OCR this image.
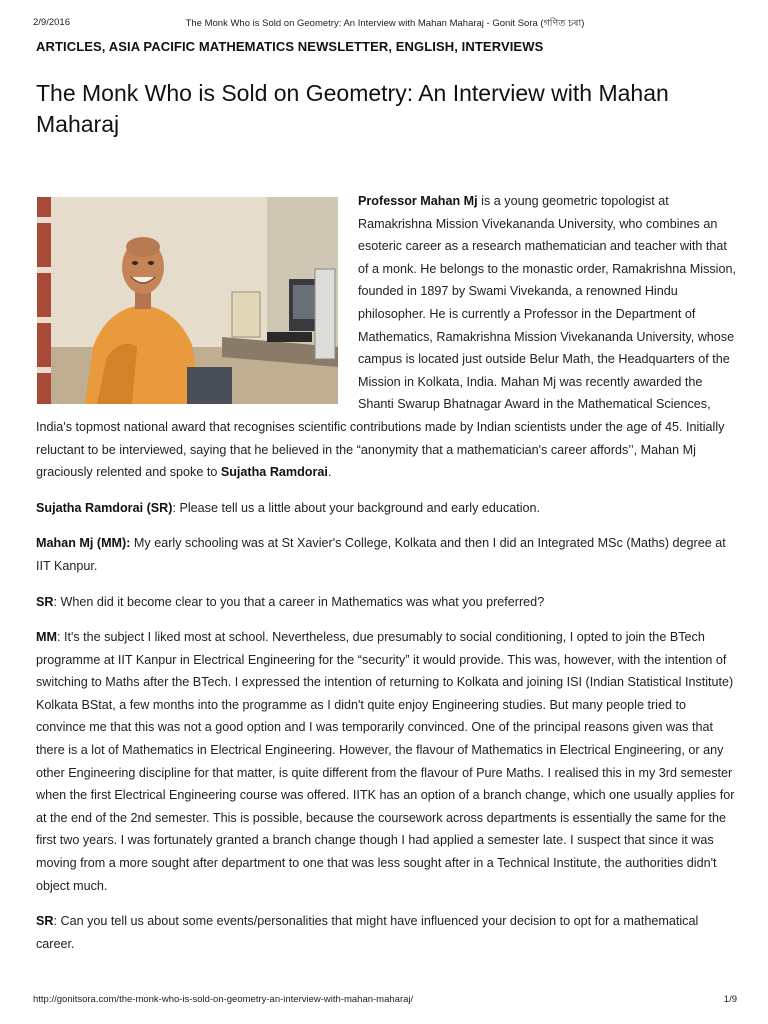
2/9/2016	The Monk Who is Sold on Geometry: An Interview with Mahan Maharaj - Gonit Sora (গণিত চৰা)
ARTICLES, ASIA PACIFIC MATHEMATICS NEWSLETTER, ENGLISH, INTERVIEWS
The Monk Who is Sold on Geometry: An Interview with Mahan Maharaj

Professor Mahan Mj is a young geometric topologist at Ramakrishna Mission Vivekananda University, who combines an esoteric career as a research mathematician and teacher with that of a monk. He belongs to the monastic order, Ramakrishna Mission, founded in 1897 by Swami Vivekanda, a renowned Hindu philosopher. He is currently a Professor in the Department of Mathematics, Ramakrishna Mission Vivekananda University, whose campus is located just outside Belur Math, the Headquarters of the Mission in Kolkata, India. Mahan Mj was recently awarded the Shanti Swarup Bhatnagar Award in the Mathematical Sciences, India's topmost national award that recognises scientific contributions made by Indian scientists under the age of 45. Initially reluctant to be interviewed, saying that he believed in the “anonymity that a mathematician's career affords’’, Mahan Mj graciously relented and spoke to Sujatha Ramdorai.

Sujatha Ramdorai (SR): Please tell us a little about your background and early education.

Mahan Mj (MM): My early schooling was at St Xavier's College, Kolkata and then I did an Integrated MSc (Maths) degree at IIT Kanpur.

SR: When did it become clear to you that a career in Mathematics was what you preferred?

MM: It's the subject I liked most at school. Nevertheless, due presumably to social conditioning, I opted to join the BTech programme at IIT Kanpur in Electrical Engineering for the “security” it would provide. This was, however, with the intention of switching to Maths after the BTech. I expressed the intention of returning to Kolkata and joining ISI (Indian Statistical Institute) Kolkata BStat, a few months into the programme as I didn't quite enjoy Engineering studies. But many people tried to convince me that this was not a good option and I was temporarily convinced. One of the principal reasons given was that there is a lot of Mathematics in Electrical Engineering. However, the flavour of Mathematics in Electrical Engineering, or any other Engineering discipline for that matter, is quite different from the flavour of Pure Maths. I realised this in my 3rd semester when the first Electrical Engineering course was offered. IITK has an option of a branch change, which one usually applies for at the end of the 2nd semester. This is possible, because the coursework across departments is essentially the same for the first two years. I was fortunately granted a branch change though I had applied a semester late. I suspect that since it was moving from a more sought after department to one that was less sought after in a Technical Institute, the authorities didn't object much.

SR: Can you tell us about some events/personalities that might have influenced your decision to opt for a mathematical career.

http://gonitsora.com/the-monk-who-is-sold-on-geometry-an-interview-with-mahan-maharaj/	1/9
